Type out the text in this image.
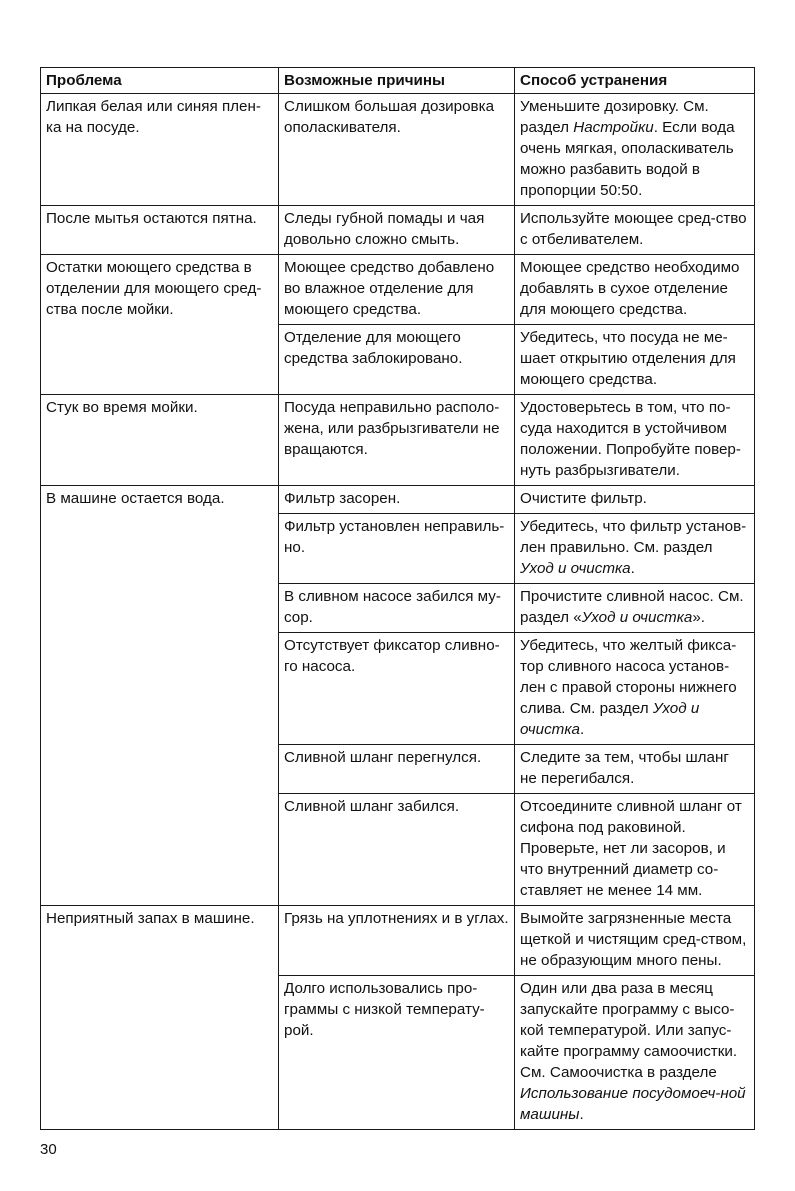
Проблема	Возможные причины	Способ устранения
Липкая белая или синяя плен-ка на посуде.	Слишком большая дозировка ополаскивателя.	Уменьшите дозировку. См. раздел Настройки. Если вода очень мягкая, ополаскиватель можно разбавить водой в пропорции 50:50.
После мытья остаются пятна.	Следы губной помады и чая довольно сложно смыть.	Используйте моющее сред-ство с отбеливателем.
Остатки моющего средства в отделении для моющего сред-ства после мойки.	Моющее средство добавлено во влажное отделение для моющего средства.	Моющее средство необходимо добавлять в сухое отделение для моющего средства.
	Отделение для моющего средства заблокировано.	Убедитесь, что посуда не ме-шает открытию отделения для моющего средства.
Стук во время мойки.	Посуда неправильно располо-жена, или разбрызгиватели не вращаются.	Удостоверьтесь в том, что по-суда находится в устойчивом положении. Попробуйте повер-нуть разбрызгиватели.
В машине остается вода.	Фильтр засорен.	Очистите фильтр.
	Фильтр установлен неправиль-но.	Убедитесь, что фильтр установ-лен правильно. См. раздел Уход и очистка.
	В сливном насосе забился му-сор.	Прочистите сливной насос. См. раздел «Уход и очистка».
	Отсутствует фиксатор сливно-го насоса.	Убедитесь, что желтый фикса-тор сливного насоса установ-лен с правой стороны нижнего слива. См. раздел Уход и очистка.
	Сливной шланг перегнулся.	Следите за тем, чтобы шланг не перегибался.
	Сливной шланг забился.	Отсоедините сливной шланг от сифона под раковиной. Проверьте, нет ли засоров, и что внутренний диаметр со-ставляет не менее 14 мм.
Неприятный запах в машине.	Грязь на уплотнениях и в углах.	Вымойте загрязненные места щеткой и чистящим сред-ством, не образующим много пены.
	Долго использовались про-граммы с низкой температу-рой.	Один или два раза в месяц запускайте программу с высо-кой температурой. Или запус-кайте программу самоочистки. См. Самоочистка в разделе Использование посудомоеч-ной машины.
30
